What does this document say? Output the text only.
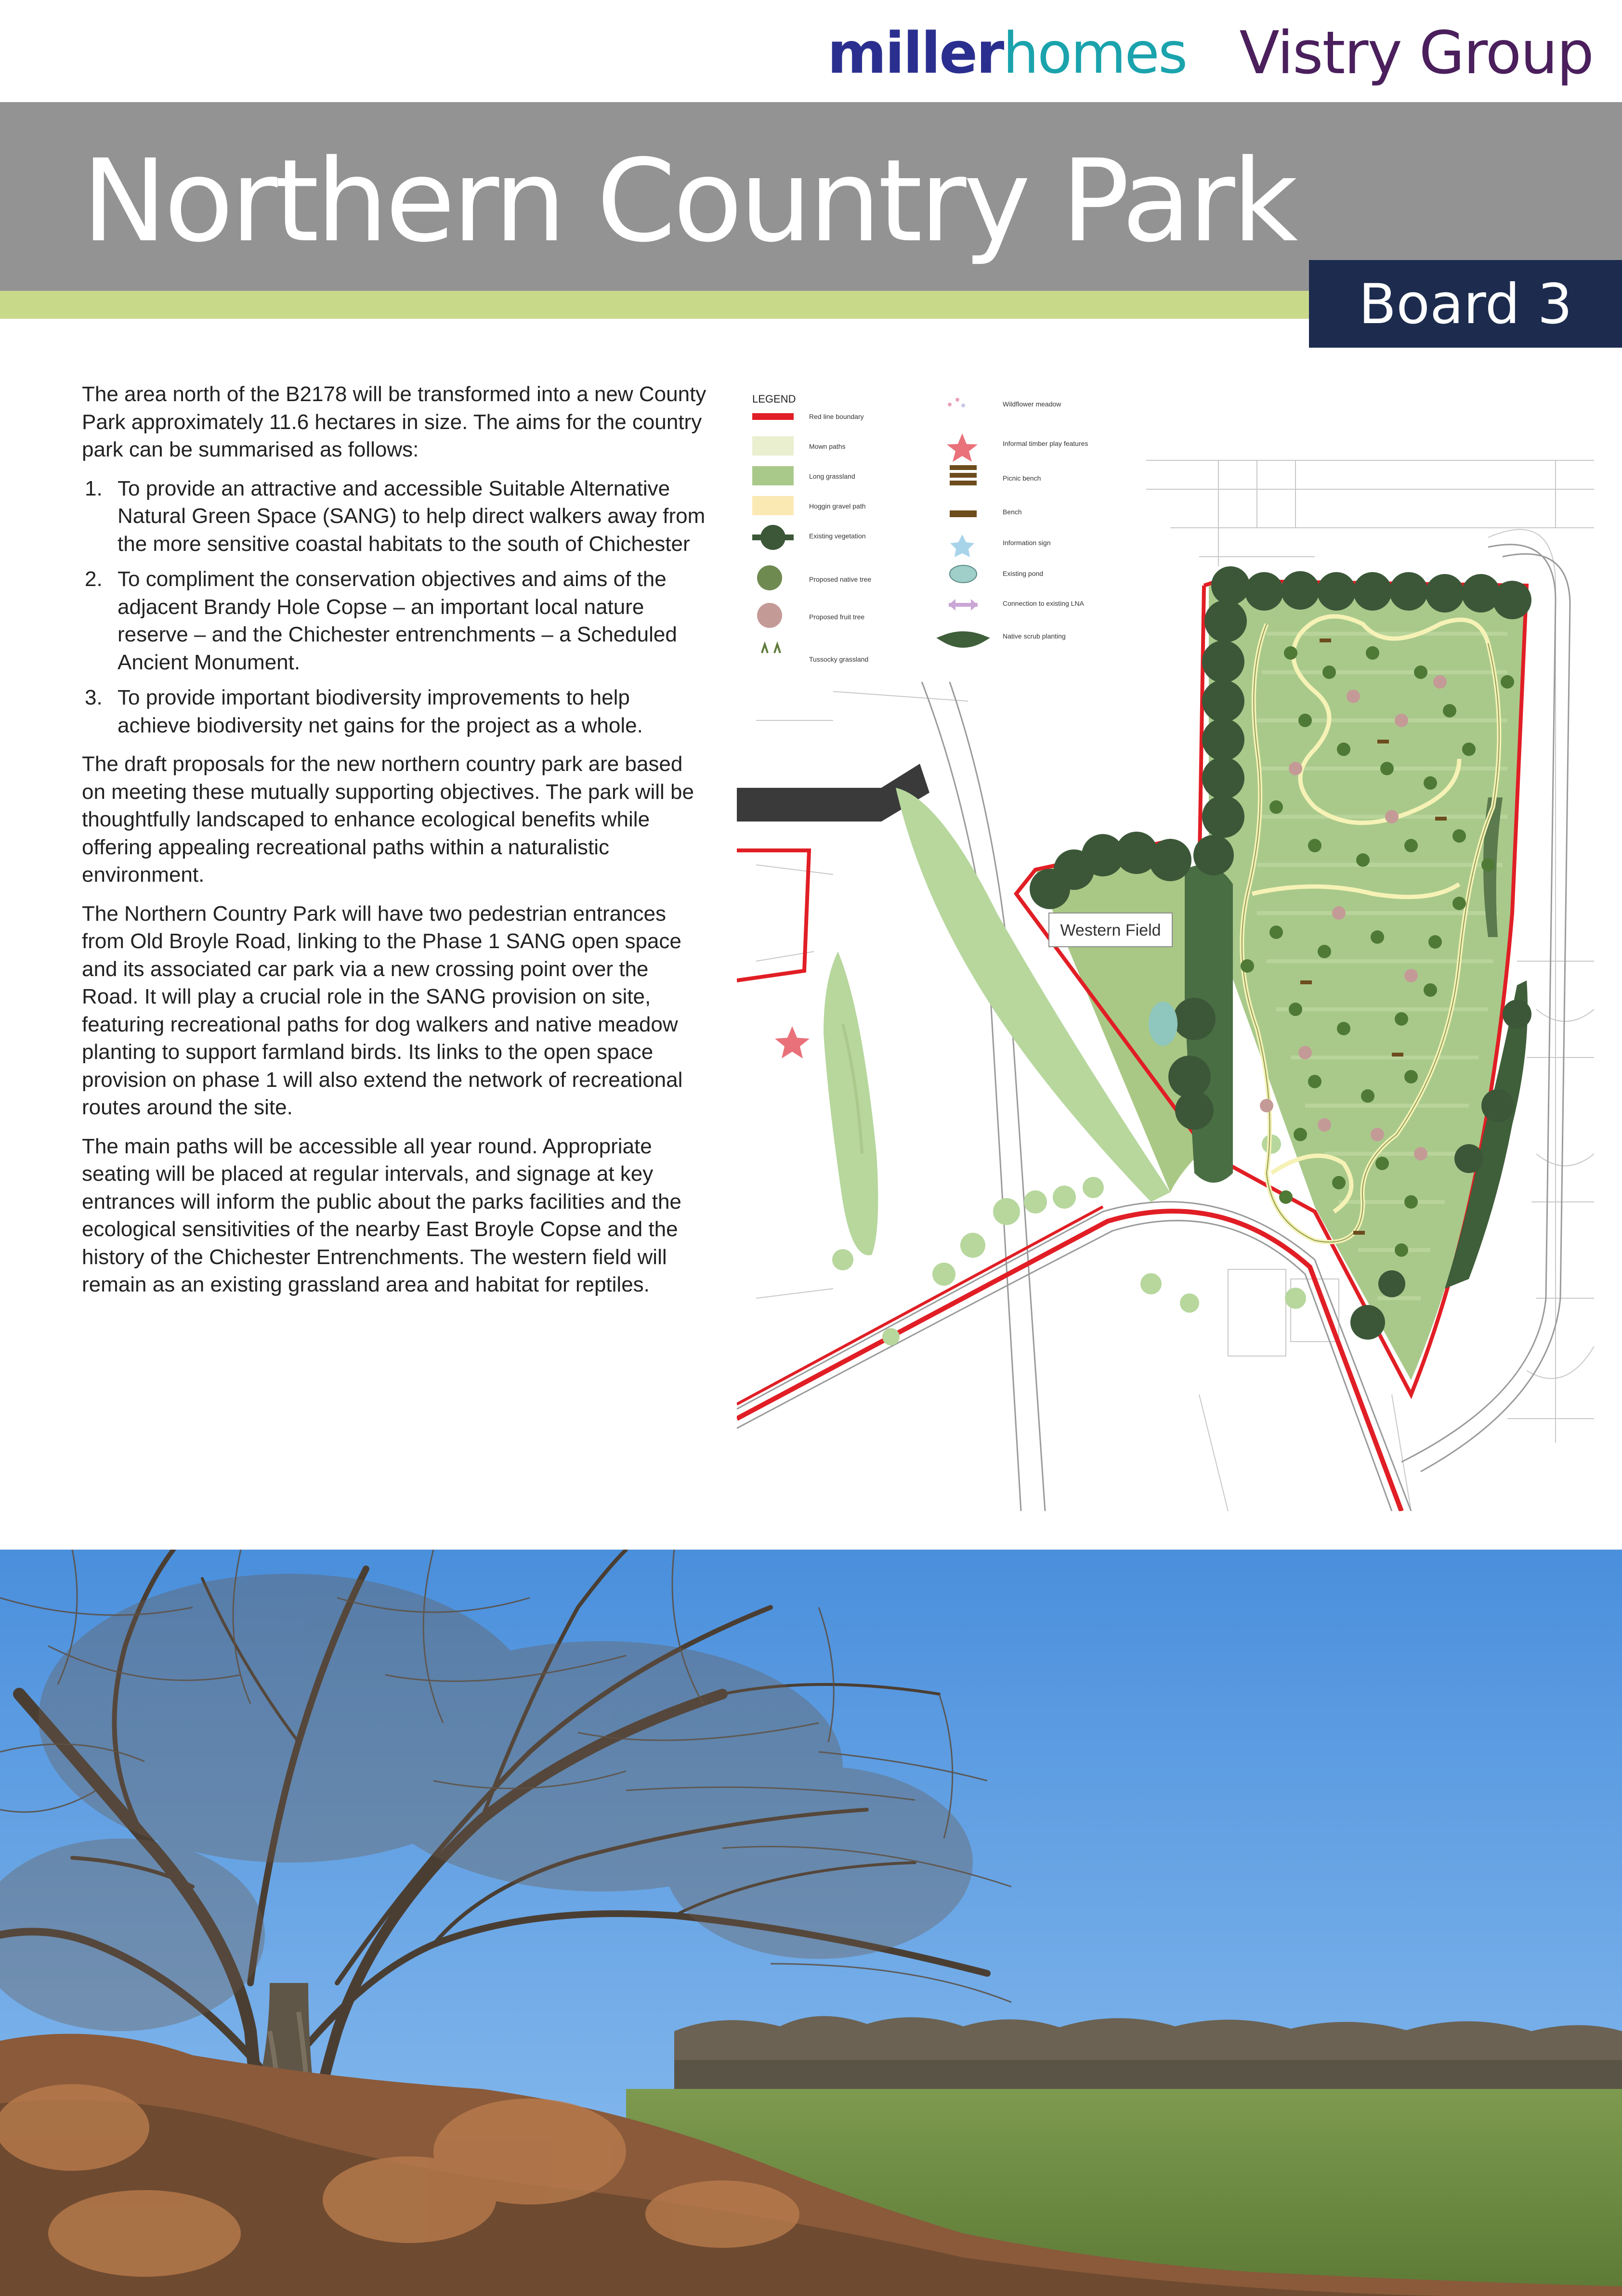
millerhomes Vistry Group
Northern Country Park
Board 3

The area north of the B2178 will be transformed into a new County Park approximately 11.6 hectares in size. The aims for the country park can be summarised as follows:

1. To provide an attractive and accessible Suitable Alternative Natural Green Space (SANG) to help direct walkers away from the more sensitive coastal habitats to the south of Chichester
2. To compliment the conservation objectives and aims of the adjacent Brandy Hole Copse – an important local nature reserve – and the Chichester entrenchments – a Scheduled Ancient Monument.
3. To provide important biodiversity improvements to help achieve biodiversity net gains for the project as a whole.

The draft proposals for the new northern country park are based on meeting these mutually supporting objectives. The park will be thoughtfully landscaped to enhance ecological benefits while offering appealing recreational paths within a naturalistic environment.

The Northern Country Park will have two pedestrian entrances from Old Broyle Road, linking to the Phase 1 SANG open space and its associated car park via a new crossing point over the Road. It will play a crucial role in the SANG provision on site, featuring recreational paths for dog walkers and native meadow planting to support farmland birds. Its links to the open space provision on phase 1 will also extend the network of recreational routes around the site.

The main paths will be accessible all year round. Appropriate seating will be placed at regular intervals, and signage at key entrances will inform the public about the parks facilities and the ecological sensitivities of the nearby East Broyle Copse and the history of the Chichester Entrenchments. The western field will remain as an existing grassland area and habitat for reptiles.

Western Field
LEGEND
Red line boundary
Mown paths
Long grassland
Hoggin gravel path
Existing vegetation
Proposed native tree
Proposed fruit tree
Tussocky grassland
Wildflower meadow
Informal timber play features
Picnic bench
Bench
Information sign
Existing pond
Connection to existing LNA
Native scrub planting
